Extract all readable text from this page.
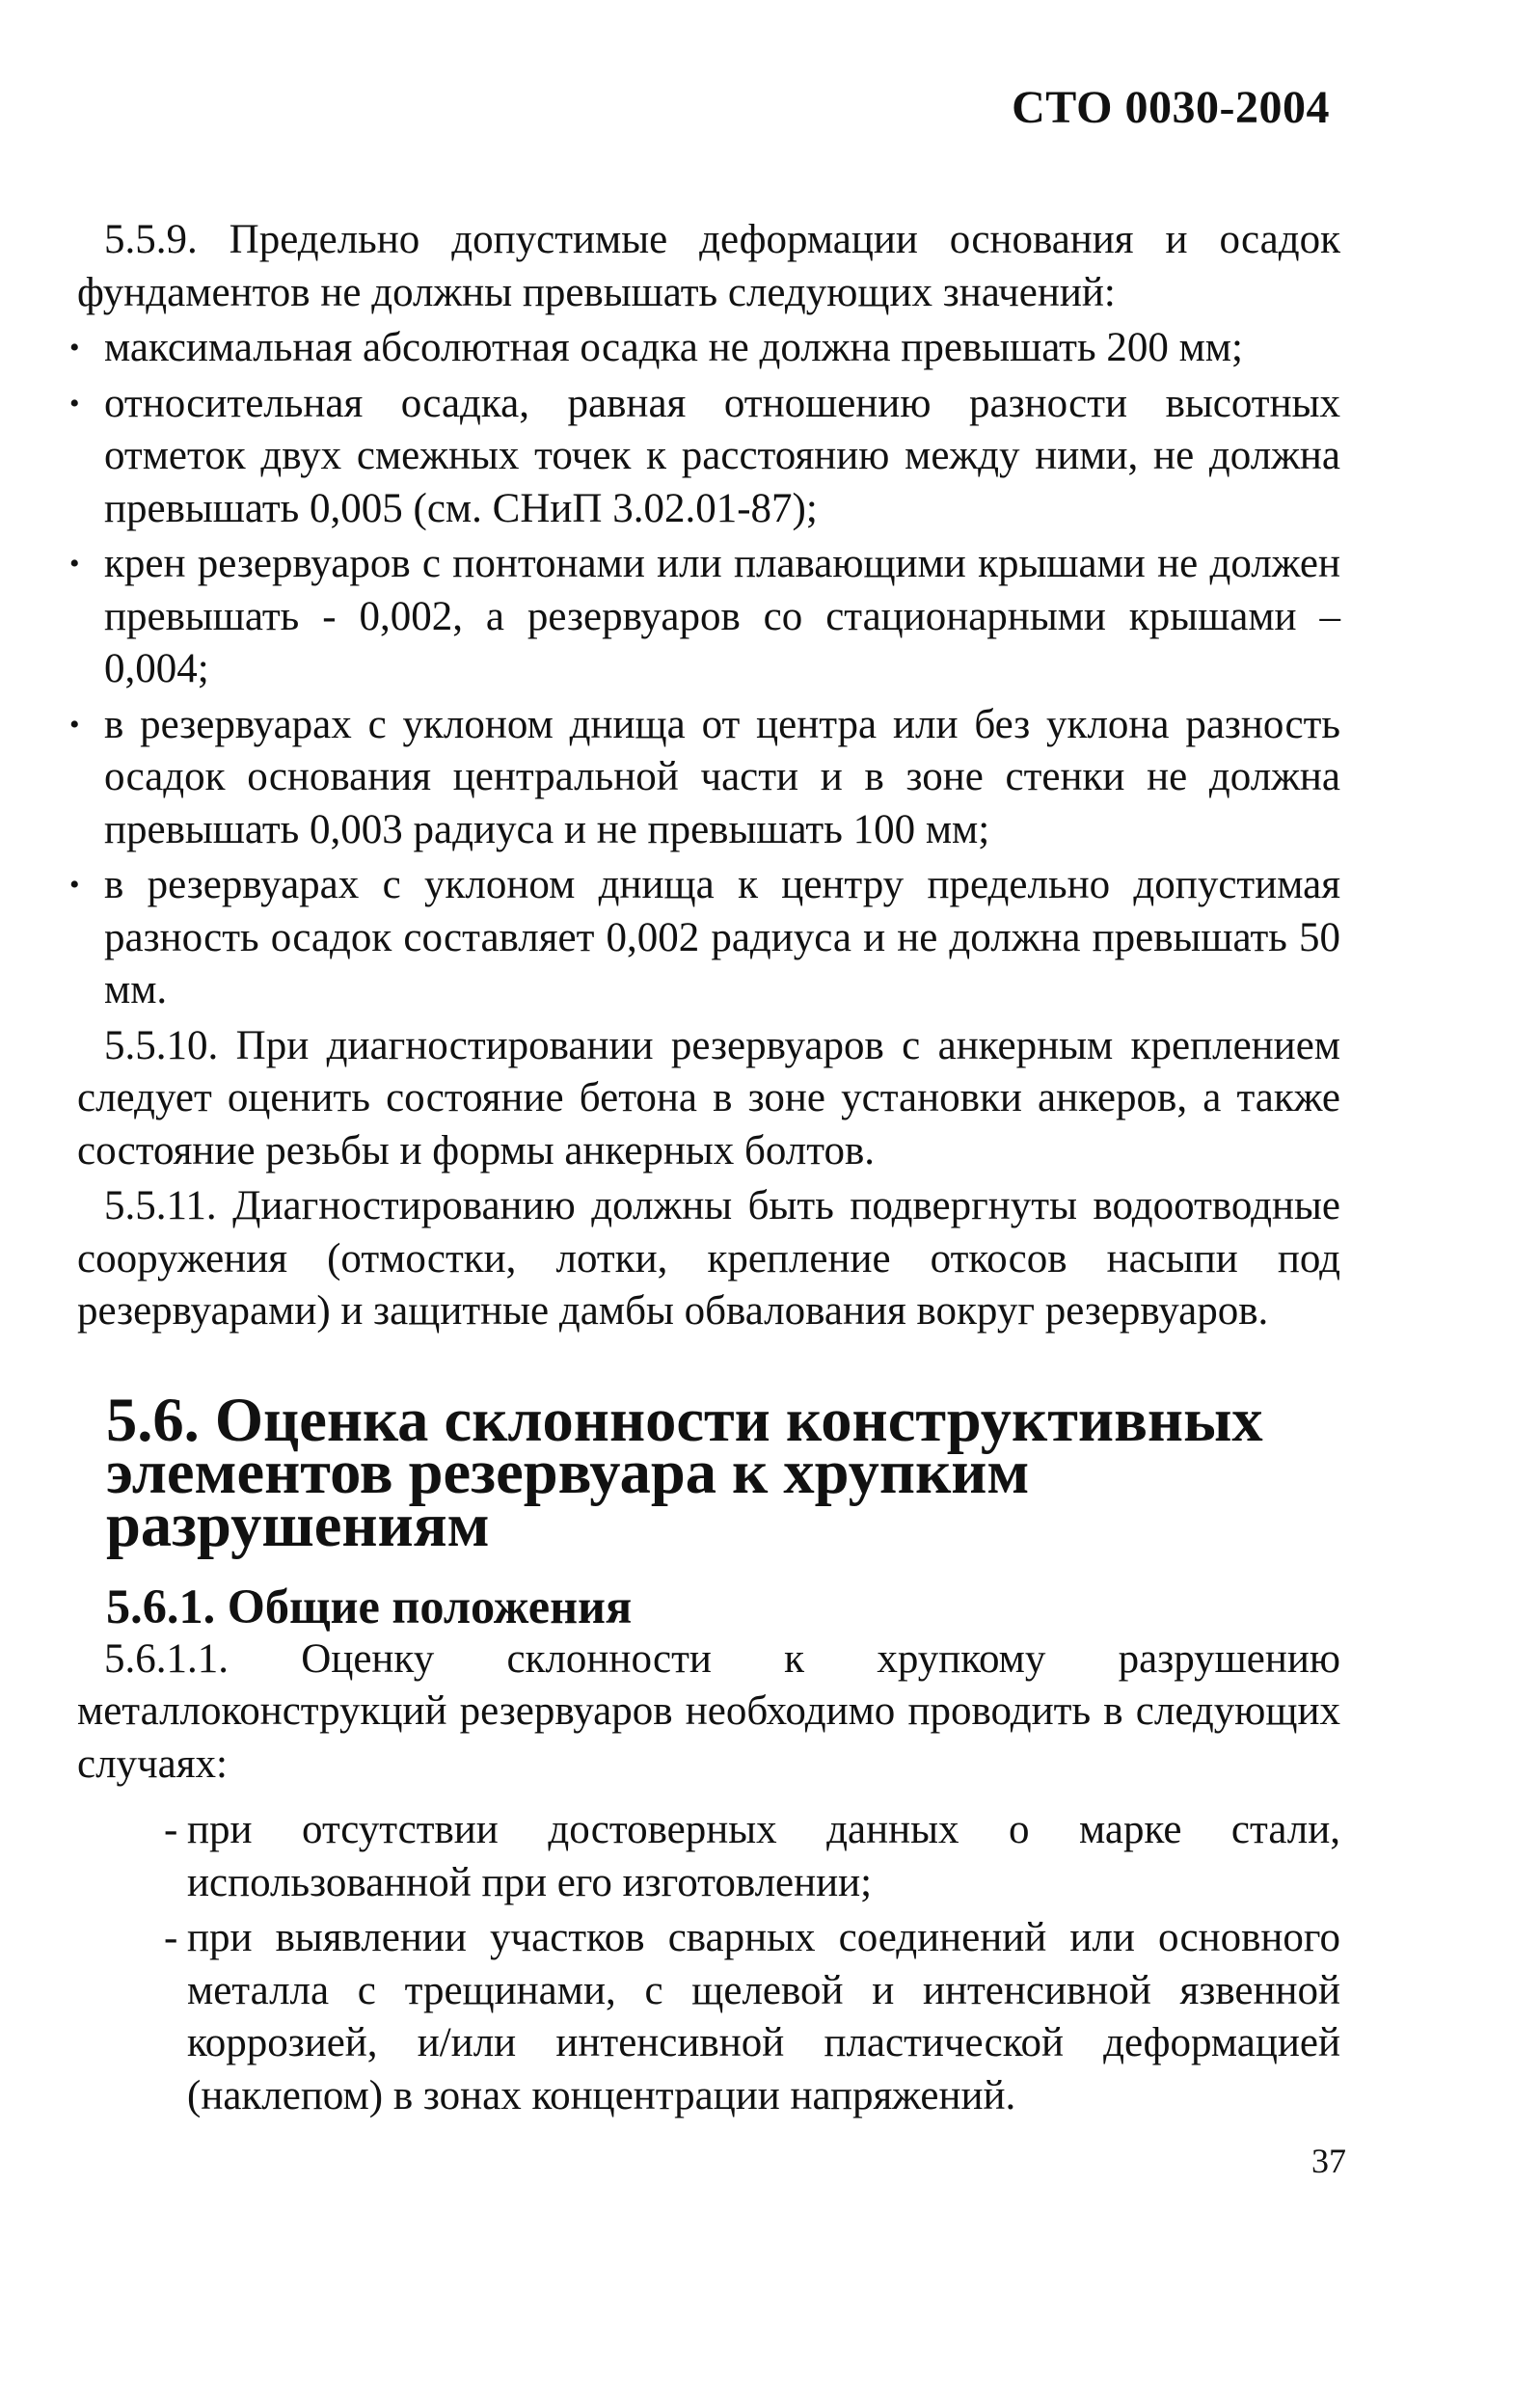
СТО 0030-2004

5.5.9. Предельно допустимые деформации основания и осадок фундаментов не должны превышать следующих значений:

• максимальная абсолютная осадка не должна превышать 200 мм;
• относительная осадка, равная отношению разности высотных отметок двух смежных точек к расстоянию между ними, не должна превышать 0,005 (см. СНиП 3.02.01-87);
• крен резервуаров с понтонами или плавающими крышами не должен превышать - 0,002, а резервуаров со стационарными крышами – 0,004;
• в резервуарах с уклоном днища от центра или без уклона разность осадок основания центральной части и в зоне стенки не должна превышать 0,003 радиуса и не превышать 100 мм;
• в резервуарах с уклоном днища к центру предельно допустимая разность осадок составляет 0,002 радиуса и не должна превышать 50 мм.

5.5.10. При диагностировании резервуаров с анкерным креплением следует оценить состояние бетона в зоне установки анкеров, а также состояние резьбы и формы анкерных болтов.

5.5.11. Диагностированию должны быть подвергнуты водоотводные сооружения (отмостки, лотки, крепление откосов насыпи под резервуарами) и защитные дамбы обвалования вокруг резервуаров.

5.6. Оценка склонности конструктивных элементов резервуара к хрупким разрушениям
5.6.1. Общие положения

5.6.1.1. Оценку склонности к хрупкому разрушению металлоконструкций резервуаров необходимо проводить в следующих случаях:

- при отсутствии достоверных данных о марке стали, использованной при его изготовлении;
- при выявлении участков сварных соединений или основного металла с трещинами, с щелевой и интенсивной язвенной коррозией, и/или интенсивной пластической деформацией (наклепом) в зонах концентрации напряжений.
37
